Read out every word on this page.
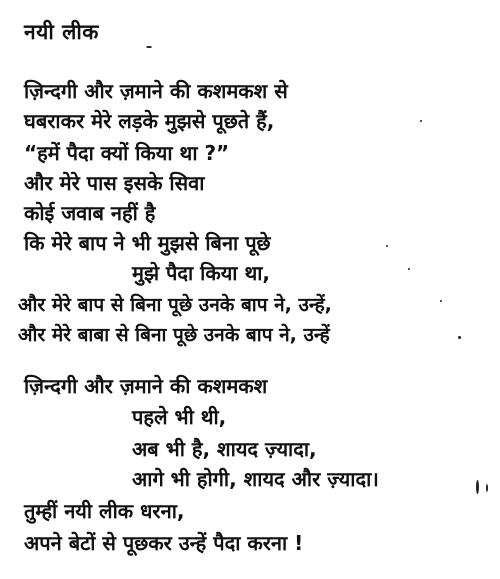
नयी लीक
ज़िन्दगी और ज़माने की कशमकश से
घबराकर मेरे लड़के मुझसे पूछते हैं,
“हमें पैदा क्यों किया था ?”
और मेरे पास इसके सिवा
कोई जवाब नहीं है
कि मेरे बाप ने भी मुझसे बिना पूछे
मुझे पैदा किया था,
और मेरे बाप से बिना पूछे उनके बाप ने, उन्हें,
और मेरे बाबा से बिना पूछे उनके बाप ने, उन्हें
ज़िन्दगी और ज़माने की कशमकश
पहले भी थी,
अब भी है, शायद ज़्यादा,
आगे भी होगी, शायद और ज़्यादा।
तुम्हीं नयी लीक धरना,
अपने बेटों से पूछकर उन्हें पैदा करना !
